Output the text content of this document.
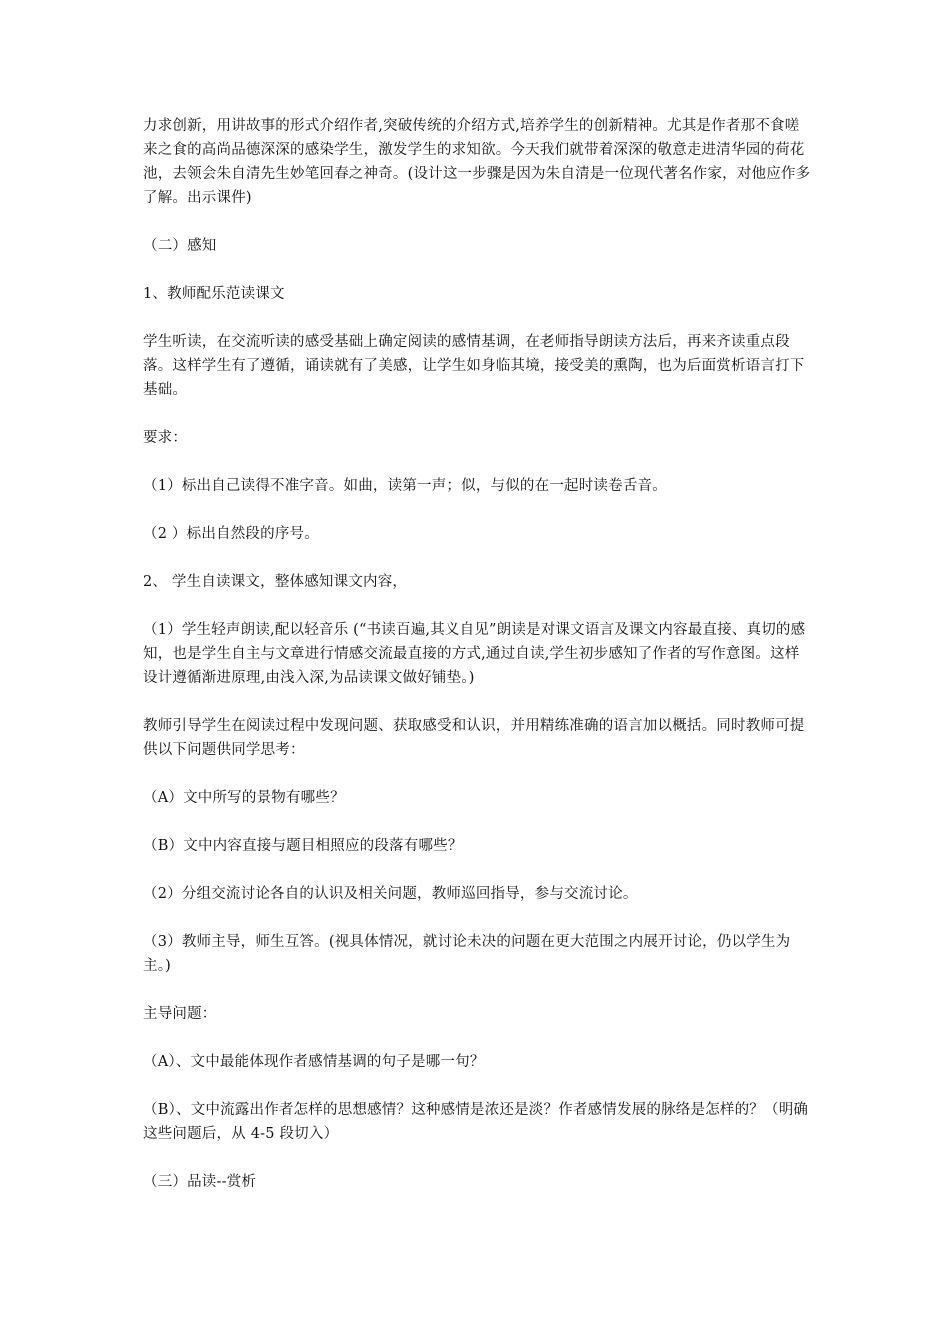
力求创新，用讲故事的形式介绍作者,突破传统的介绍方式,培养学生的创新精神。尤其是作者那不食嗟来之食的高尚品德深深的感染学生，激发学生的求知欲。今天我们就带着深深的敬意走进清华园的荷花池，去领会朱自清先生妙笔回春之神奇。(设计这一步骤是因为朱自清是一位现代著名作家，对他应作多了解。出示课件)

（二）感知

1、教师配乐范读课文

学生听读，在交流听读的感受基础上确定阅读的感情基调，在老师指导朗读方法后，再来齐读重点段落。这样学生有了遵循，诵读就有了美感，让学生如身临其境，接受美的熏陶，也为后面赏析语言打下基础。

要求：

（1）标出自己读得不准字音。如曲，读第一声；似，与似的在一起时读卷舌音。

（2 ）标出自然段的序号。

2、 学生自读课文，整体感知课文内容，

（1）学生轻声朗读,配以轻音乐 (“书读百遍,其义自见”朗读是对课文语言及课文内容最直接、真切的感知，也是学生自主与文章进行情感交流最直接的方式,通过自读,学生初步感知了作者的写作意图。这样设计遵循渐进原理,由浅入深,为品读课文做好铺垫。)

教师引导学生在阅读过程中发现问题、获取感受和认识，并用精练准确的语言加以概括。同时教师可提供以下问题供同学思考：

（A）文中所写的景物有哪些？

（B）文中内容直接与题目相照应的段落有哪些？

（2）分组交流讨论各自的认识及相关问题，教师巡回指导，参与交流讨论。

（3）教师主导，师生互答。(视具体情况，就讨论未决的问题在更大范围之内展开讨论，仍以学生为主。)

主导问题：

（A）、文中最能体现作者感情基调的句子是哪一句？

（B）、文中流露出作者怎样的思想感情？这种感情是浓还是淡？作者感情发展的脉络是怎样的？（明确这些问题后，从 4-5 段切入）

（三）品读--赏析
